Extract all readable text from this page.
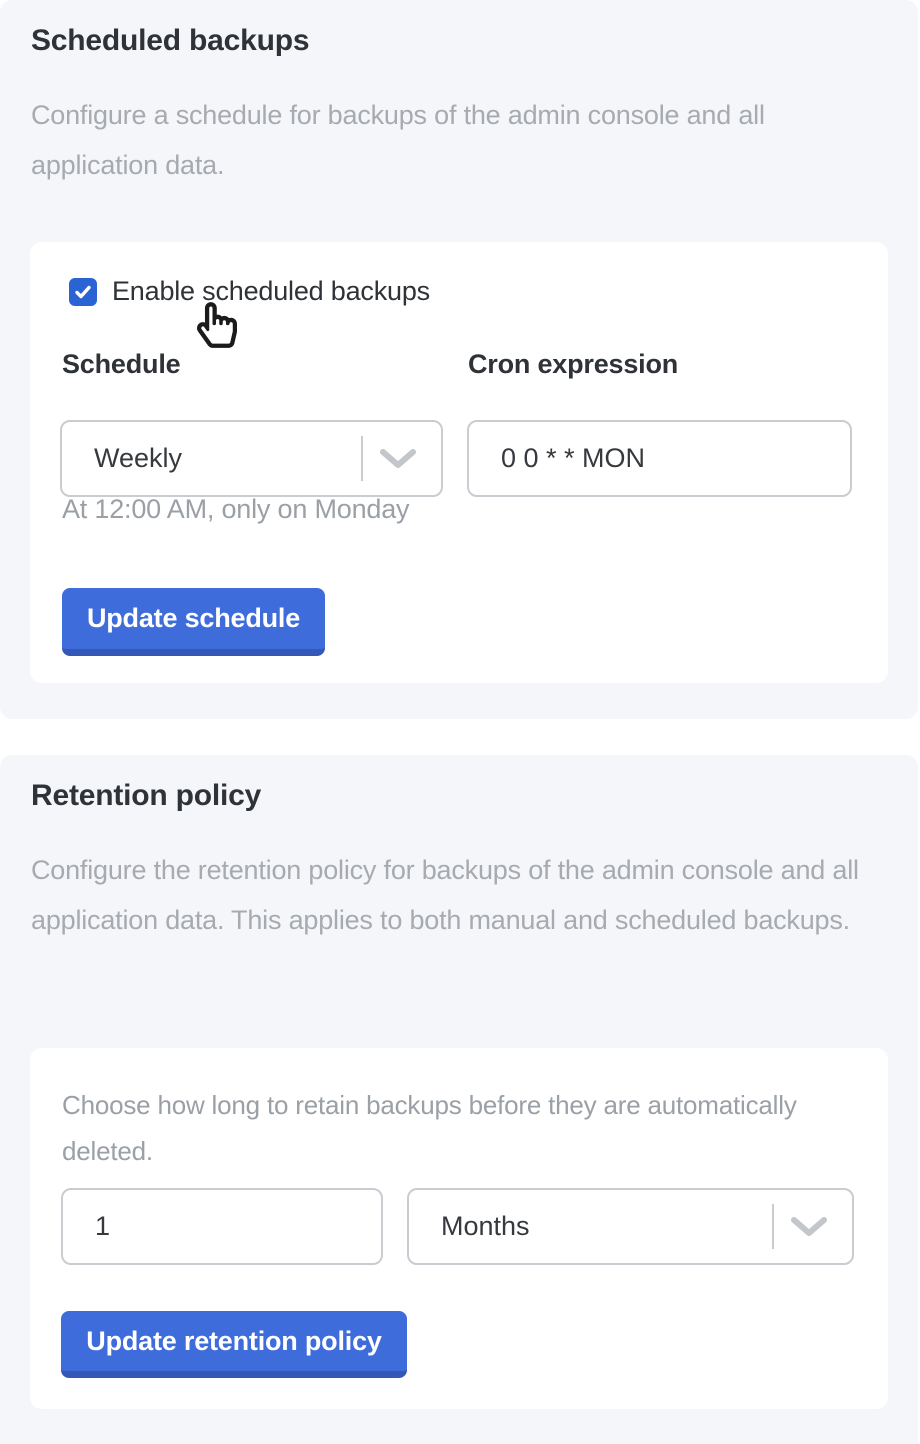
Scheduled backups
Configure a schedule for backups of the admin console and all application data.
Enable scheduled backups
Schedule	Cron expression
Weekly
0 0 * * MON
At 12:00 AM, only on Monday
Update schedule
Retention policy
Configure the retention policy for backups of the admin console and all application data. This applies to both manual and scheduled backups.
Choose how long to retain backups before they are automatically deleted.
1
Months
Update retention policy
